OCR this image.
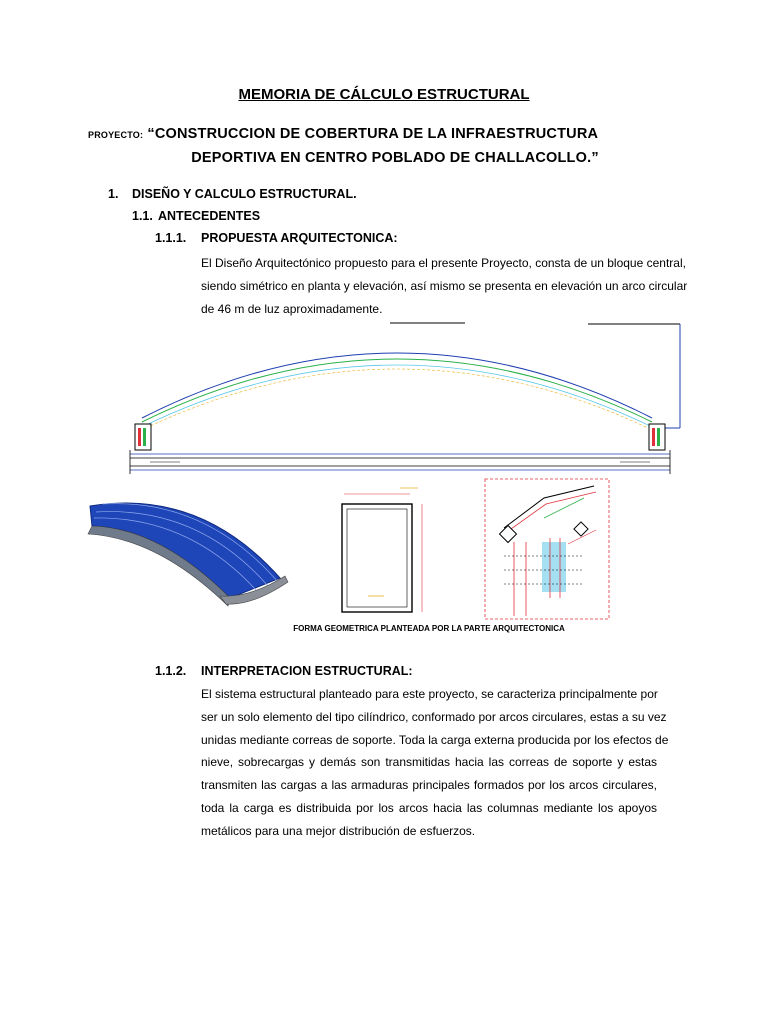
MEMORIA DE CÁLCULO ESTRUCTURAL
PROYECTO: “CONSTRUCCION DE COBERTURA DE LA INFRAESTRUCTURA
DEPORTIVA EN CENTRO POBLADO DE CHALLACOLLO.”
1. DISEÑO Y CALCULO ESTRUCTURAL.
1.1. ANTECEDENTES
1.1.1. PROPUESTA ARQUITECTONICA:

El Diseño Arquitectónico propuesto para el presente Proyecto, consta de un bloque central,

siendo simétrico en planta y elevación, así mismo se presenta en elevación un arco circular

de 46 m de luz aproximadamente.

FORMA GEOMETRICA PLANTEADA POR LA PARTE ARQUITECTONICA
1.1.2. INTERPRETACION ESTRUCTURAL:

El sistema estructural planteado para este proyecto, se caracteriza principalmente por

ser un solo elemento del tipo cilíndrico, conformado por arcos circulares, estas a su vez

unidas mediante correas de soporte. Toda la carga externa producida por los efectos de

nieve, sobrecargas y demás son transmitidas hacia las correas de soporte y estas

transmiten las cargas a las armaduras principales formados por los arcos circulares,

toda la carga es distribuida por los arcos hacia las columnas mediante los apoyos

metálicos para una mejor distribución de esfuerzos.
